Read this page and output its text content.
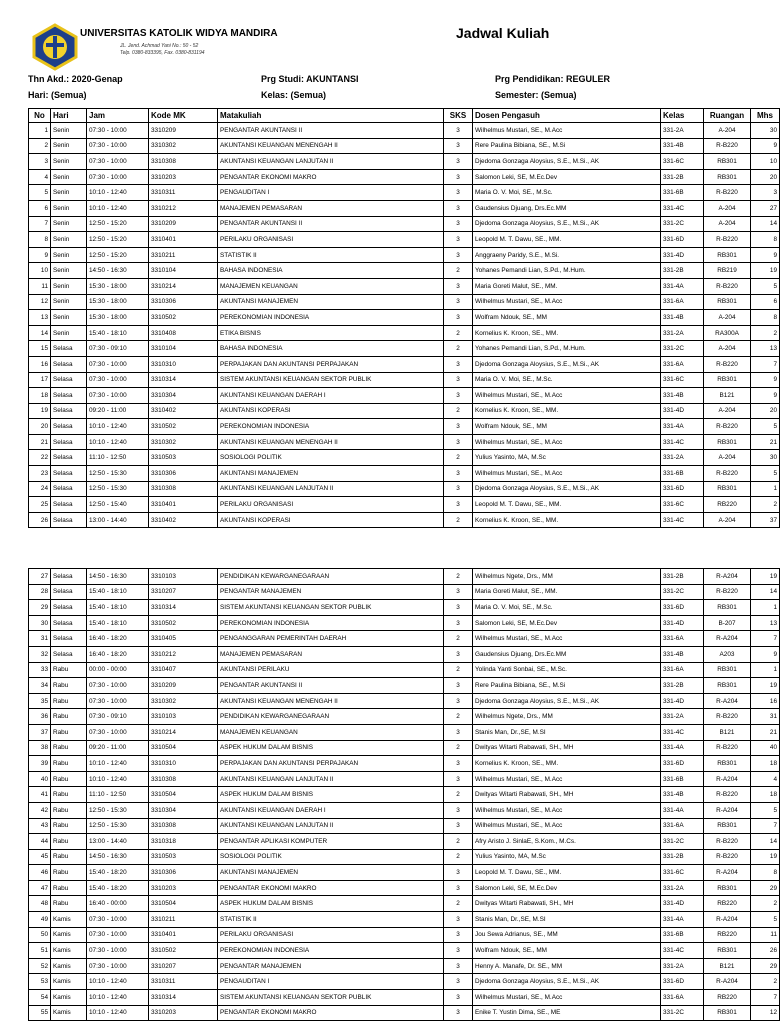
UNIVERSITAS KATOLIK WIDYA MANDIRA
JL. Jend. Achmad Yani No.: 50 - 52
Telp. 0380-833395, Fax. 0380-831194
Jadwal Kuliah
Thn Akd.: 2020-Genap	Prg Studi: AKUNTANSI	Prg Pendidikan: REGULER
Hari: (Semua)	Kelas: (Semua)	Semester: (Semua)
No	Hari	Jam	Kode MK	Matakuliah	SKS	Dosen Pengasuh	Kelas	Ruangan	Mhs
1	Senin	07:30 - 10:00	3310209	PENGANTAR AKUNTANSI II	3	Wilhelmus Mustari, SE., M.Acc	331-2A	A-204	30
2	Senin	07:30 - 10:00	3310302	AKUNTANSI KEUANGAN MENENGAH II	3	Rere Paulina Bibiana, SE., M.Si	331-4B	R-B220	9
3	Senin	07:30 - 10:00	3310308	AKUNTANSI KEUANGAN LANJUTAN II	3	Djedoma Gonzaga Aloysius, S.E., M.Si., AK	331-6C	RB301	10
4	Senin	07:30 - 10:00	3310203	PENGANTAR EKONOMI MAKRO	3	Salomon Leki, SE, M.Ec.Dev	331-2B	RB301	20
5	Senin	10:10 - 12:40	3310311	PENGAUDITAN I	3	Maria O. V. Moi, SE., M.Sc.	331-6B	R-B220	3
6	Senin	10:10 - 12:40	3310212	MANAJEMEN PEMASARAN	3	Gaudensius Djuang, Drs.Ec.MM	331-4C	A-204	27
7	Senin	12:50 - 15:20	3310209	PENGANTAR AKUNTANSI II	3	Djedoma Gonzaga Aloysius, S.E., M.Si., AK	331-2C	A-204	14
8	Senin	12:50 - 15:20	3310401	PERILAKU ORGANISASI	3	Leopold M. T. Dawu, SE., MM.	331-6D	R-B220	8
9	Senin	12:50 - 15:20	3310211	STATISTIK II	3	Anggraeny Paridy, S.E., M.Si.	331-4D	RB301	9
10	Senin	14:50 - 16:30	3310104	BAHASA INDONESIA	2	Yohanes Pemandi Lian, S.Pd., M.Hum.	331-2B	RB219	19
11	Senin	15:30 - 18:00	3310214	MANAJEMEN KEUANGAN	3	Maria Goreti Malut, SE., MM.	331-4A	R-B220	5
12	Senin	15:30 - 18:00	3310306	AKUNTANSI MANAJEMEN	3	Wilhelmus Mustari, SE., M.Acc	331-6A	RB301	6
13	Senin	15:30 - 18:00	3310502	PEREKONOMIAN INDONESIA	3	Wolfram Ndouk, SE., MM	331-4B	A-204	8
14	Senin	15:40 - 18:10	3310408	ETIKA BISNIS	2	Kornelius K. Kroon, SE., MM.	331-2A	RA300A	2
15	Selasa	07:30 - 09:10	3310104	BAHASA INDONESIA	2	Yohanes Pemandi Lian, S.Pd., M.Hum.	331-2C	A-204	13
16	Selasa	07:30 - 10:00	3310310	PERPAJAKAN DAN AKUNTANSI PERPAJAKAN	3	Djedoma Gonzaga Aloysius, S.E., M.Si., AK	331-6A	R-B220	7
17	Selasa	07:30 - 10:00	3310314	SISTEM AKUNTANSI KEUANGAN SEKTOR PUBLIK	3	Maria O. V. Moi, SE., M.Sc.	331-6C	RB301	9
18	Selasa	07:30 - 10:00	3310304	AKUNTANSI KEUANGAN DAERAH I	3	Wilhelmus Mustari, SE., M.Acc	331-4B	B121	9
19	Selasa	09:20 - 11:00	3310402	AKUNTANSI KOPERASI	2	Kornelius K. Kroon, SE., MM.	331-4D	A-204	20
20	Selasa	10:10 - 12:40	3310502	PEREKONOMIAN INDONESIA	3	Wolfram Ndouk, SE., MM	331-4A	R-B220	5
21	Selasa	10:10 - 12:40	3310302	AKUNTANSI KEUANGAN MENENGAH II	3	Wilhelmus Mustari, SE., M.Acc	331-4C	RB301	21
22	Selasa	11:10 - 12:50	3310503	SOSIOLOGI POLITIK	2	Yulius Yasinto, MA, M.Sc	331-2A	A-204	30
23	Selasa	12:50 - 15:30	3310306	AKUNTANSI MANAJEMEN	3	Wilhelmus Mustari, SE., M.Acc	331-6B	R-B220	5
24	Selasa	12:50 - 15:30	3310308	AKUNTANSI KEUANGAN LANJUTAN II	3	Djedoma Gonzaga Aloysius, S.E., M.Si., AK	331-6D	RB301	1
25	Selasa	12:50 - 15:40	3310401	PERILAKU ORGANISASI	3	Leopold M. T. Dawu, SE., MM.	331-6C	RB220	2
26	Selasa	13:00 - 14:40	3310402	AKUNTANSI KOPERASI	2	Kornelius K. Kroon, SE., MM.	331-4C	A-204	37
27	Selasa	14:50 - 16:30	3310103	PENDIDIKAN KEWARGANEGARAAN	2	Wilhelmus Ngete, Drs., MM	331-2B	R-A204	19
28	Selasa	15:40 - 18:10	3310207	PENGANTAR MANAJEMEN	3	Maria Goreti Malut, SE., MM.	331-2C	R-B220	14
29	Selasa	15:40 - 18:10	3310314	SISTEM AKUNTANSI KEUANGAN SEKTOR PUBLIK	3	Maria O. V. Moi, SE., M.Sc.	331-6D	RB301	1
30	Selasa	15:40 - 18:10	3310502	PEREKONOMIAN INDONESIA	3	Salomon Leki, SE, M.Ec.Dev	331-4D	B-207	13
31	Selasa	16:40 - 18:20	3310405	PENGANGGARAN PEMERINTAH DAERAH	2	Wilhelmus Mustari, SE., M.Acc	331-6A	R-A204	7
32	Selasa	16:40 - 18:20	3310212	MANAJEMEN PEMASARAN	3	Gaudensius Djuang, Drs.Ec.MM	331-4B	A203	9
33	Rabu	00:00 - 00:00	3310407	AKUNTANSI PERILAKU	2	Yolinda Yanti Sonbai, SE., M.Sc.	331-6A	RB301	1
34	Rabu	07:30 - 10:00	3310209	PENGANTAR AKUNTANSI II	3	Rere Paulina Bibiana, SE., M.Si	331-2B	RB301	19
35	Rabu	07:30 - 10:00	3310302	AKUNTANSI KEUANGAN MENENGAH II	3	Djedoma Gonzaga Aloysius, S.E., M.Si., AK	331-4D	R-A204	16
36	Rabu	07:30 - 09:10	3310103	PENDIDIKAN KEWARGANEGARAAN	2	Wilhelmus Ngete, Drs., MM	331-2A	R-B220	31
37	Rabu	07:30 - 10:00	3310214	MANAJEMEN KEUANGAN	3	Stanis Man, Dr.,SE, M.SI	331-4C	B121	21
38	Rabu	09:20 - 11:00	3310504	ASPEK HUKUM DALAM BISNIS	2	Dwityas Witarti Rabawati, SH., MH	331-4A	R-B220	40
39	Rabu	10:10 - 12:40	3310310	PERPAJAKAN DAN AKUNTANSI PERPAJAKAN	3	Kornelius K. Kroon, SE., MM.	331-6D	RB301	18
40	Rabu	10:10 - 12:40	3310308	AKUNTANSI KEUANGAN LANJUTAN II	3	Wilhelmus Mustari, SE., M.Acc	331-6B	R-A204	4
41	Rabu	11:10 - 12:50	3310504	ASPEK HUKUM DALAM BISNIS	2	Dwityas Witarti Rabawati, SH., MH	331-4B	R-B220	18
42	Rabu	12:50 - 15:30	3310304	AKUNTANSI KEUANGAN DAERAH I	3	Wilhelmus Mustari, SE., M.Acc	331-4A	R-A204	5
43	Rabu	12:50 - 15:30	3310308	AKUNTANSI KEUANGAN LANJUTAN II	3	Wilhelmus Mustari, SE., M.Acc	331-6A	RB301	7
44	Rabu	13:00 - 14:40	3310318	PENGANTAR APLIKASI KOMPUTER	2	Afry Aristo J. SinlaE, S.Kom., M.Cs.	331-2C	R-B220	14
45	Rabu	14:50 - 16:30	3310503	SOSIOLOGI POLITIK	2	Yulius Yasinto, MA, M.Sc	331-2B	R-B220	19
46	Rabu	15:40 - 18:20	3310306	AKUNTANSI MANAJEMEN	3	Leopold M. T. Dawu, SE., MM.	331-6C	R-A204	8
47	Rabu	15:40 - 18:20	3310203	PENGANTAR EKONOMI MAKRO	3	Salomon Leki, SE, M.Ec.Dev	331-2A	RB301	29
48	Rabu	16:40 - 00:00	3310504	ASPEK HUKUM DALAM BISNIS	2	Dwityas Witarti Rabawati, SH., MH	331-4D	RB220	2
49	Kamis	07:30 - 10:00	3310211	STATISTIK II	3	Stanis Man, Dr.,SE, M.SI	331-4A	R-A204	5
50	Kamis	07:30 - 10:00	3310401	PERILAKU ORGANISASI	3	Jou Sewa Adrianus, SE., MM	331-6B	RB220	11
51	Kamis	07:30 - 10:00	3310502	PEREKONOMIAN INDONESIA	3	Wolfram Ndouk, SE., MM	331-4C	RB301	26
52	Kamis	07:30 - 10:00	3310207	PENGANTAR MANAJEMEN	3	Henny A. Manafe, Dr. SE., MM	331-2A	B121	29
53	Kamis	10:10 - 12:40	3310311	PENGAUDITAN I	3	Djedoma Gonzaga Aloysius, S.E., M.Si., AK	331-6D	R-A204	2
54	Kamis	10:10 - 12:40	3310314	SISTEM AKUNTANSI KEUANGAN SEKTOR PUBLIK	3	Wilhelmus Mustari, SE., M.Acc	331-6A	RB220	7
55	Kamis	10:10 - 12:40	3310203	PENGANTAR EKONOMI MAKRO	3	Enike T. Yustin Dima, SE., ME	331-2C	RB301	12
